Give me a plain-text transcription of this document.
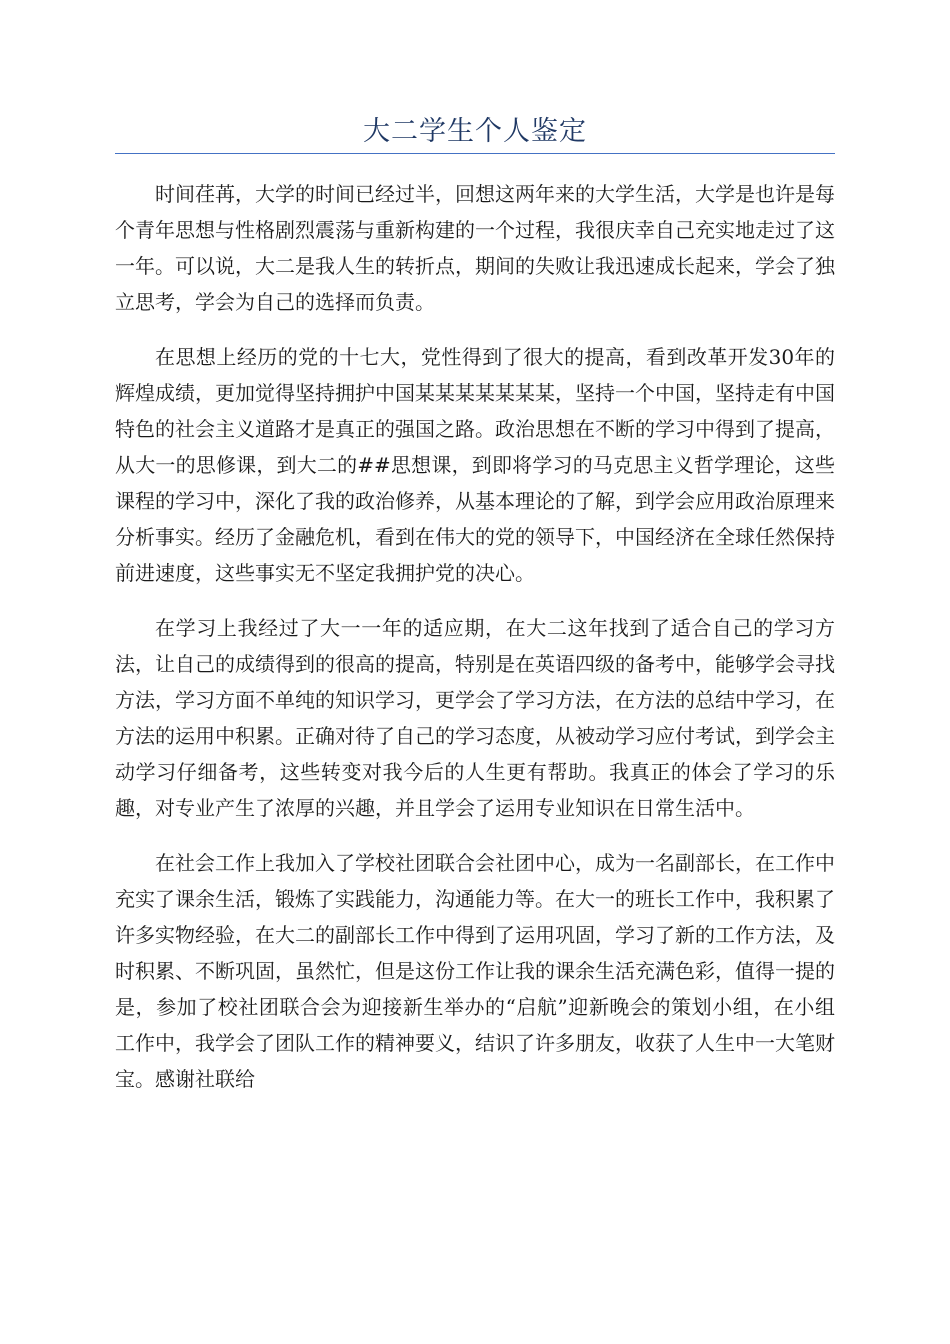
大二学生个人鉴定

时间荏苒，大学的时间已经过半，回想这两年来的大学生活，大学是也许是每个青年思想与性格剧烈震荡与重新构建的一个过程，我很庆幸自己充实地走过了这一年。可以说，大二是我人生的转折点，期间的失败让我迅速成长起来，学会了独立思考，学会为自己的选择而负责。

在思想上经历的党的十七大，党性得到了很大的提高，看到改革开发30年的辉煌成绩，更加觉得坚持拥护中国某某某某某某某，坚持一个中国，坚持走有中国特色的社会主义道路才是真正的强国之路。政治思想在不断的学习中得到了提高，从大一的思修课，到大二的##思想课，到即将学习的马克思主义哲学理论，这些课程的学习中，深化了我的政治修养，从基本理论的了解，到学会应用政治原理来分析事实。经历了金融危机，看到在伟大的党的领导下，中国经济在全球任然保持前进速度，这些事实无不坚定我拥护党的决心。

在学习上我经过了大一一年的适应期，在大二这年找到了适合自己的学习方法，让自己的成绩得到的很高的提高，特别是在英语四级的备考中，能够学会寻找方法，学习方面不单纯的知识学习，更学会了学习方法，在方法的总结中学习，在方法的运用中积累。正确对待了自己的学习态度，从被动学习应付考试，到学会主动学习仔细备考，这些转变对我今后的人生更有帮助。我真正的体会了学习的乐趣，对专业产生了浓厚的兴趣，并且学会了运用专业知识在日常生活中。

在社会工作上我加入了学校社团联合会社团中心，成为一名副部长，在工作中充实了课余生活，锻炼了实践能力，沟通能力等。在大一的班长工作中，我积累了许多实物经验，在大二的副部长工作中得到了运用巩固，学习了新的工作方法，及时积累、不断巩固，虽然忙，但是这份工作让我的课余生活充满色彩，值得一提的是，参加了校社团联合会为迎接新生举办的“启航”迎新晚会的策划小组，在小组工作中，我学会了团队工作的精神要义，结识了许多朋友，收获了人生中一大笔财宝。感谢社联给
